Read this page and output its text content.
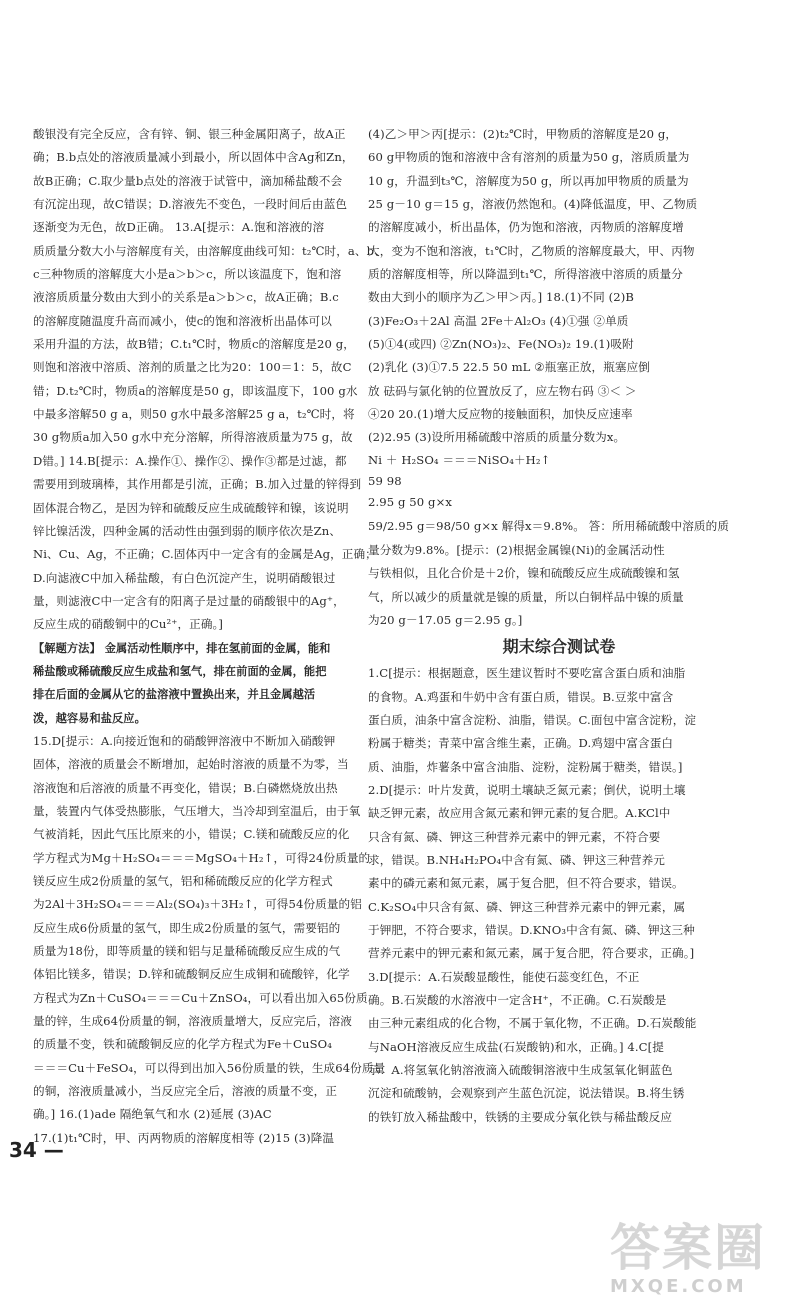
酸银没有完全反应，含有锌、铜、银三种金属阳离子，故A正
确；B.b点处的溶液质量减小到最小，所以固体中含Ag和Zn，
故B正确；C.取少量b点处的溶液于试管中，滴加稀盐酸不会
有沉淀出现，故C错误；D.溶液先不变色，一段时间后由蓝色
逐渐变为无色，故D正确。 13.A[提示：A.饱和溶液的溶
质质量分数大小与溶解度有关，由溶解度曲线可知：t₂℃时，a、b、
c三种物质的溶解度大小是a＞b＞c，所以该温度下，饱和溶
液溶质质量分数由大到小的关系是a＞b＞c，故A正确；B.c
的溶解度随温度升高而减小，使c的饱和溶液析出晶体可以
采用升温的方法，故B错；C.t₁℃时，物质c的溶解度是20 g，
则饱和溶液中溶质、溶剂的质量之比为20：100＝1：5，故C
错；D.t₂℃时，物质a的溶解度是50 g，即该温度下，100 g水
中最多溶解50 g a，则50 g水中最多溶解25 g a，t₂℃时，将
30 g物质a加入50 g水中充分溶解，所得溶液质量为75 g，故
D错。] 14.B[提示：A.操作①、操作②、操作③都是过滤，都
需要用到玻璃棒，其作用都是引流，正确；B.加入过量的锌得到
固体混合物乙，是因为锌和硫酸反应生成硫酸锌和镍，该说明
锌比镍活泼，四种金属的活动性由强到弱的顺序依次是Zn、
Ni、Cu、Ag，不正确；C.固体丙中一定含有的金属是Ag，正确；
D.向滤液C中加入稀盐酸，有白色沉淀产生，说明硝酸银过
量，则滤液C中一定含有的阳离子是过量的硝酸银中的Ag⁺，
反应生成的硝酸铜中的Cu²⁺，正确。]
【解题方法】 金属活动性顺序中，排在氢前面的金属，能和
稀盐酸或稀硫酸反应生成盐和氢气，排在前面的金属，能把
排在后面的金属从它的盐溶液中置换出来，并且金属越活
泼，越容易和盐反应。
15.D[提示：A.向接近饱和的硝酸钾溶液中不断加入硝酸钾
固体，溶液的质量会不断增加，起始时溶液的质量不为零，当
溶液饱和后溶液的质量不再变化，错误；B.白磷燃烧放出热
量，装置内气体受热膨胀，气压增大，当冷却到室温后，由于氧
气被消耗，因此气压比原来的小，错误；C.镁和硫酸反应的化
学方程式为Mg＋H₂SO₄＝＝＝MgSO₄＋H₂↑，可得24份质量的
镁反应生成2份质量的氢气，铝和稀硫酸反应的化学方程式
为2Al＋3H₂SO₄＝＝＝Al₂(SO₄)₃＋3H₂↑，可得54份质量的铝
反应生成6份质量的氢气，即生成2份质量的氢气，需要铝的
质量为18份，即等质量的镁和铝与足量稀硫酸反应生成的气
体铝比镁多，错误；D.锌和硫酸铜反应生成铜和硫酸锌，化学
方程式为Zn＋CuSO₄＝＝＝Cu＋ZnSO₄，可以看出加入65份质
量的锌，生成64份质量的铜，溶液质量增大，反应完后，溶液
的质量不变，铁和硫酸铜反应的化学方程式为Fe＋CuSO₄
＝＝＝Cu＋FeSO₄，可以得到出加入56份质量的铁，生成64份质量
的铜，溶液质量减小，当反应完全后，溶液的质量不变，正
确。] 16.(1)ade 隔绝氧气和水 (2)延展 (3)AC
17.(1)t₁℃时，甲、丙两物质的溶解度相等 (2)15 (3)降温
(4)乙＞甲＞丙[提示：(2)t₂℃时，甲物质的溶解度是20 g，
60 g甲物质的饱和溶液中含有溶剂的质量为50 g，溶质质量为
10 g，升温到t₃℃，溶解度为50 g，所以再加甲物质的质量为
25 g－10 g＝15 g，溶液仍然饱和。(4)降低温度，甲、乙物质
的溶解度减小，析出晶体，仍为饱和溶液，丙物质的溶解度增
大，变为不饱和溶液，t₁℃时，乙物质的溶解度最大，甲、丙物
质的溶解度相等，所以降温到t₁℃，所得溶液中溶质的质量分
数由大到小的顺序为乙＞甲＞丙。] 18.(1)不同 (2)B
(3)Fe₂O₃＋2Al 高温 2Fe＋Al₂O₃ (4)①强 ②单质
(5)①4(或四) ②Zn(NO₃)₂、Fe(NO₃)₂ 19.(1)吸附
(2)乳化 (3)①7.5 22.5 50 mL ②瓶塞正放，瓶塞应倒
放 砝码与氯化钠的位置放反了，应左物右码 ③＜ ＞
④20 20.(1)增大反应物的接触面积，加快反应速率
(2)2.95 (3)设所用稀硫酸中溶质的质量分数为x。
Ni ＋ H₂SO₄ ＝＝＝NiSO₄＋H₂↑
59 98
2.95 g 50 g×x
59/2.95 g＝98/50 g×x 解得x＝9.8%。 答：所用稀硫酸中溶质的质
量分数为9.8%。[提示：(2)根据金属镍(Ni)的金属活动性
与铁相似，且化合价是＋2价，镍和硫酸反应生成硫酸镍和氢
气，所以减少的质量就是镍的质量，所以白铜样品中镍的质量
为20 g－17.05 g＝2.95 g。]
期末综合测试卷
1.C[提示：根据题意，医生建议暂时不要吃富含蛋白质和油脂
的食物。A.鸡蛋和牛奶中含有蛋白质，错误。B.豆浆中富含
蛋白质，油条中富含淀粉、油脂，错误。C.面包中富含淀粉，淀
粉属于糖类；青菜中富含维生素，正确。D.鸡翅中富含蛋白
质、油脂，炸薯条中富含油脂、淀粉，淀粉属于糖类，错误。]
2.D[提示：叶片发黄，说明土壤缺乏氮元素；倒伏，说明土壤
缺乏钾元素，故应用含氮元素和钾元素的复合肥。A.KCl中
只含有氮、磷、钾这三种营养元素中的钾元素，不符合要
求，错误。B.NH₄H₂PO₄中含有氮、磷、钾这三种营养元
素中的磷元素和氮元素，属于复合肥，但不符合要求，错误。
C.K₂SO₄中只含有氮、磷、钾这三种营养元素中的钾元素，属
于钾肥，不符合要求，错误。D.KNO₃中含有氮、磷、钾这三种
营养元素中的钾元素和氮元素，属于复合肥，符合要求，正确。]
3.D[提示：A.石炭酸显酸性，能使石蕊变红色，不正
确。B.石炭酸的水溶液中一定含H⁺，不正确。C.石炭酸是
由三种元素组成的化合物，不属于氧化物，不正确。D.石炭酸能
与NaOH溶液反应生成盐(石炭酸钠)和水，正确。] 4.C[提
示：A.将氢氧化钠溶液滴入硫酸铜溶液中生成氢氧化铜蓝色
沉淀和硫酸钠，会观察到产生蓝色沉淀，说法错误。B.将生锈
的铁钉放入稀盐酸中，铁锈的主要成分氧化铁与稀盐酸反应
34 —
答案圈
MXQE.COM
